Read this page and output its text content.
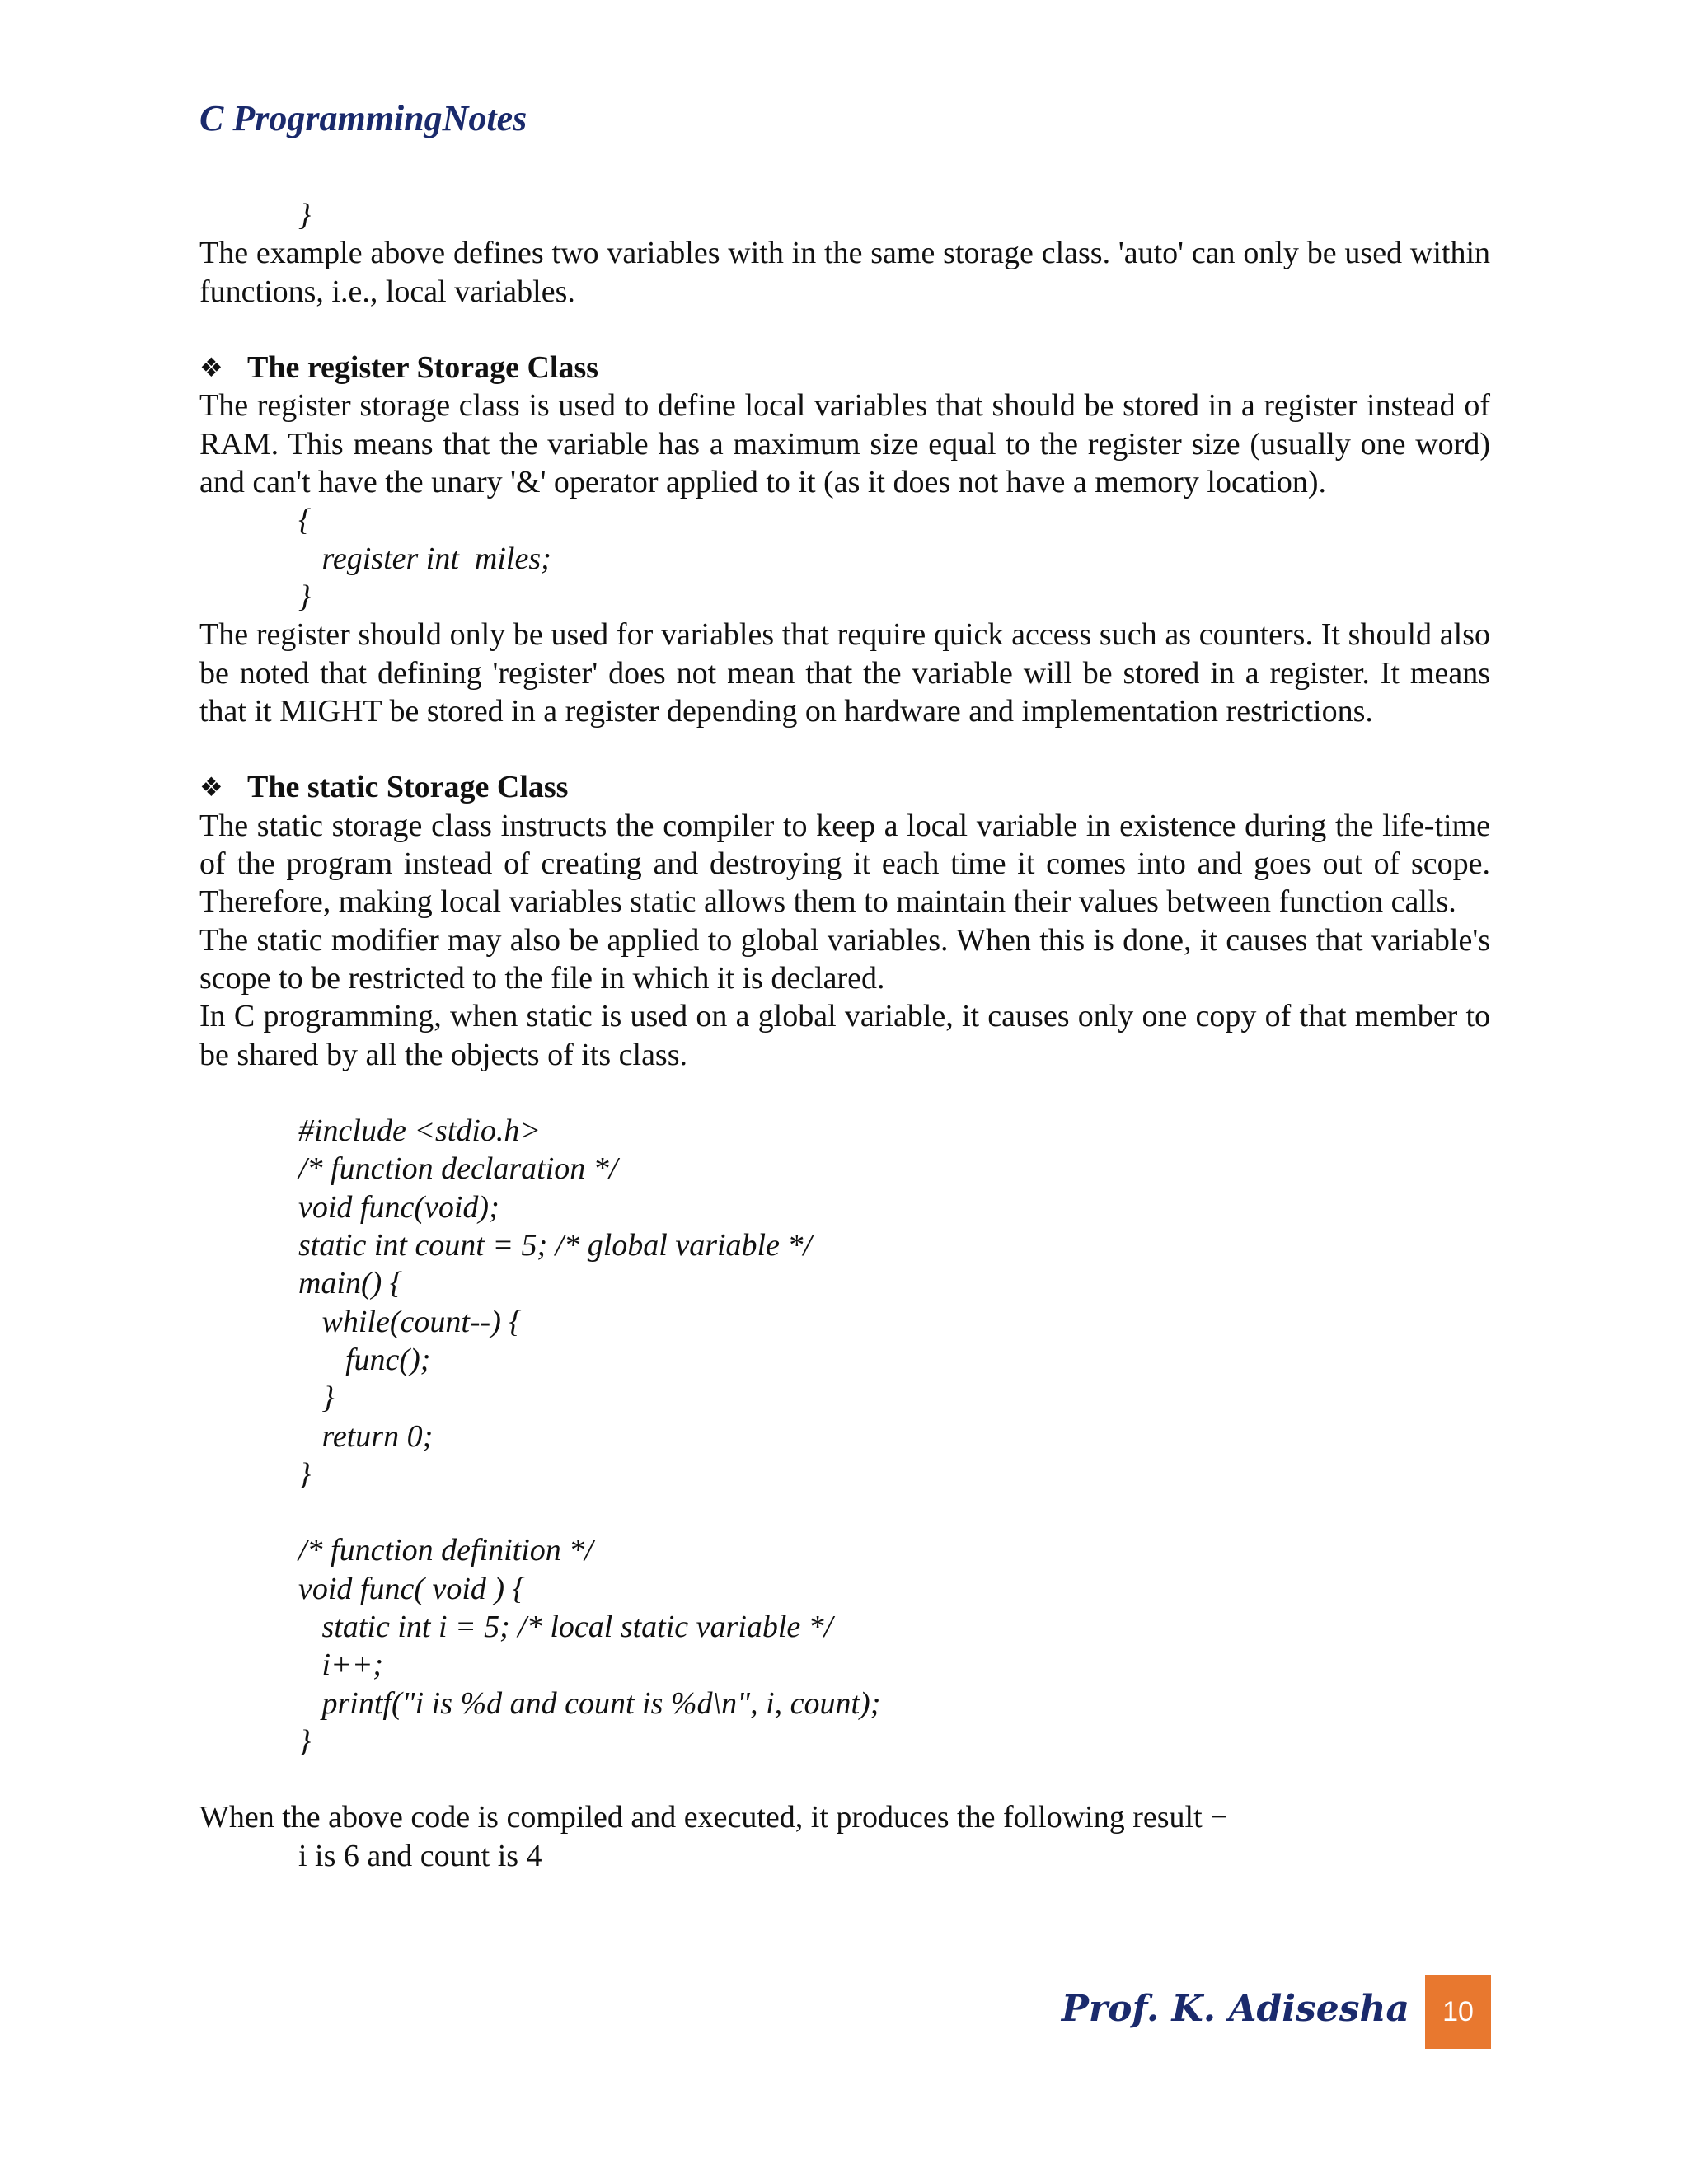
C ProgrammingNotes
}

The example above defines two variables with in the same storage class. 'auto' can only be used within functions, i.e., local variables.

❖ The register Storage Class

The register storage class is used to define local variables that should be stored in a register instead of RAM. This means that the variable has a maximum size equal to the register size (usually one word) and can't have the unary '&' operator applied to it (as it does not have a memory location).

{
register int  miles;
}

The register should only be used for variables that require quick access such as counters. It should also be noted that defining 'register' does not mean that the variable will be stored in a register. It means that it MIGHT be stored in a register depending on hardware and implementation restrictions.

❖ The static Storage Class

The static storage class instructs the compiler to keep a local variable in existence during the life-time of the program instead of creating and destroying it each time it comes into and goes out of scope. Therefore, making local variables static allows them to maintain their values between function calls.

The static modifier may also be applied to global variables. When this is done, it causes that variable's scope to be restricted to the file in which it is declared.

In C programming, when static is used on a global variable, it causes only one copy of that member to be shared by all the objects of its class.

#include <stdio.h>
/* function declaration */
void func(void);
static int count = 5; /* global variable */
main() {
while(count--) {
func();
}
return 0;
}
/* function definition */
void func( void ) {
static int i = 5; /* local static variable */
i++;
printf("i is %d and count is %d\n", i, count);
}

When the above code is compiled and executed, it produces the following result −

i is 6 and count is 4
Prof. K. Adisesha	10
